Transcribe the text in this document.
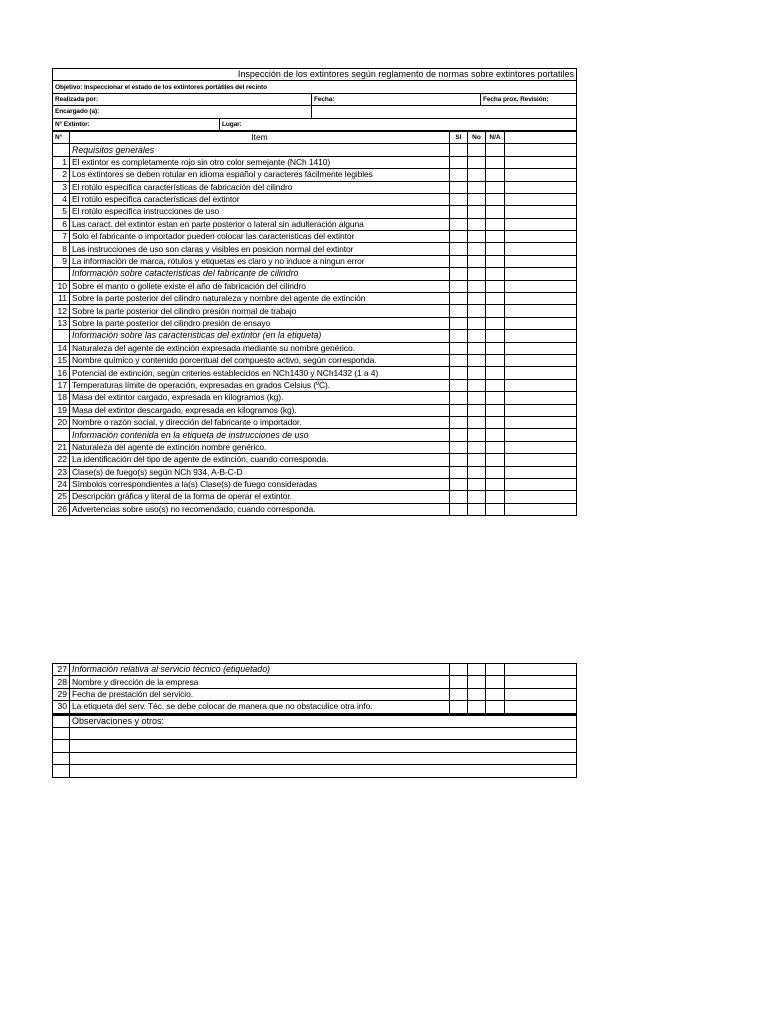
Inspección de los extintores según reglamento de normas sobre extintores portatiles			
Objetivo: Inspeccionar el estado de los extintores portátiles del recinto			
Realizada por:		Fecha:	Fecha prox. Revisión:
Encargado (a):			
N° Extintor:	Lugar:		
N°	Item	SI	No	N/A	
	Requisitos generales				
1	El extintor es completamente rojo sin otro color semejante (NCh 1410)				
2	Los extintores se deben rotular en idioma español y caracteres fácilmente legibles				
3	El rotúlo especifica características de fabricación del cilindro				
4	El rotúlo especifica características del extintor				
5	El rotúlo especifica instrucciones de uso				
6	Las caract. del extintor estan en parte posterior o lateral sin adulteración alguna				
7	Solo el fabricante o importador pueden colocar las caracteristicas del extintor				
8	Las instrucciones de uso son claras y visibles en posicion normal del extintor				
9	La información de marca, rótulos y etiquetas es claro y no induce a ningun error				
	Información sobre catacteristicas del fabricante de cilindro				
10	Sobre el manto o gollete existe el año de fabricación del cilindro				
11	Sobre la parte posterior del cilindro naturaleza y nombre del agente de extinción				
12	Sobre la parte posterior del cilindro presión normal de trabajo				
13	Sobre la parte posterior del cilindro presión de ensayo				
	Información sobre las caracteristicas del extintor (en la etiqueta)				
14	Naturaleza del agente de extinción expresada mediante su nombre genérico.				
15	Nombre químico y contenido porcentual del compuesto activo, según corresponda.				
16	Potencial de extinción, según criterios establecidos en NCh1430 y NCh1432 (1 a 4)				
17	Temperaturas límite de operación, expresadas en grados Celsius (ºC).				
18	Masa del extintor cargado, expresada en kilogramos (kg).				
19	Masa del extintor descargado, expresada en kilogramos (kg).				
20	Nombre o razón social, y dirección del fabricante o importador.				
	Información contenida en la etiqueta de instrucciones de uso				
21	Naturaleza del agente de extinción nombre genérico.				
22	La identificación del tipo de agente de extinción, cuando corresponda.				
23	Clase(s) de fuego(s) según NCh 934, A-B-C-D				
24	Símbolos correspondientes a la(s) Clase(s) de fuego consideradas				
25	Descripción gráfica y literal de la forma de operar el extintor.				
26	Advertencias sobre uso(s) no recomendado, cuando corresponda.				
27	Información relativa al servicio técnico (etiquetado)				
28	Nombre y dirección de la empresa				
29	Fecha de prestación del servicio.				
30	La etiqueta del serv. Téc. se debe colocar de manera que no obstaculice otra info.				
	Observaciones y otros:
